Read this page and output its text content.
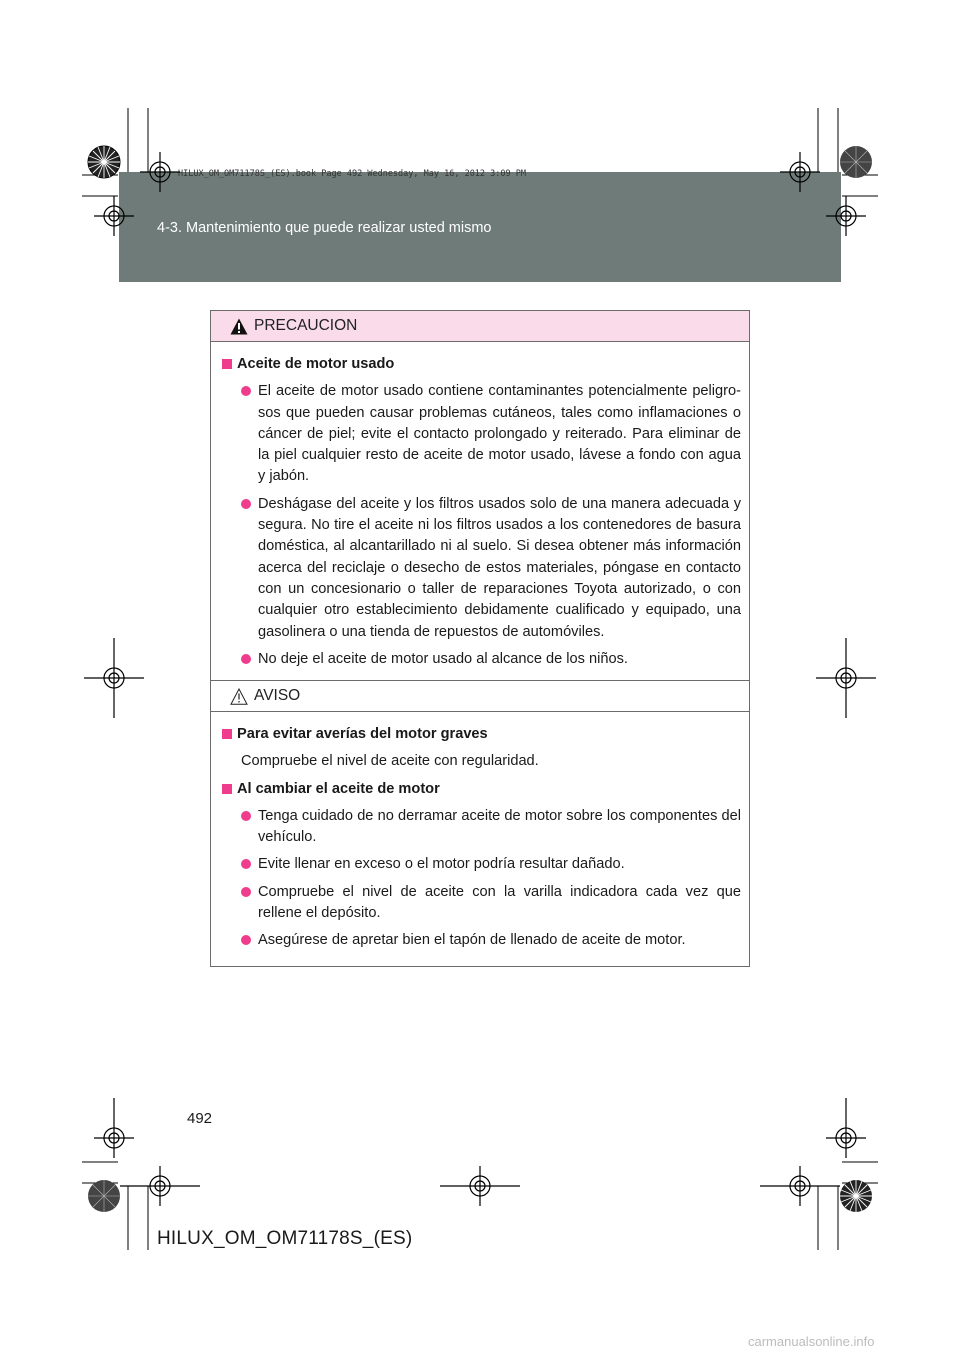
4-3. Mantenimiento que puede realizar usted mismo
HILUX_OM_OM71178S_(ES).book Page 492 Wednesday, May 16, 2012 3:09 PM
PRECAUCION
Aceite de motor usado
El aceite de motor usado contiene contaminantes potencialmente peligro-sos que pueden causar problemas cutáneos, tales como inflamaciones o cáncer de piel; evite el contacto prolongado y reiterado. Para eliminar de la piel cualquier resto de aceite de motor usado, lávese a fondo con agua y jabón.
Deshágase del aceite y los filtros usados solo de una manera adecuada y segura. No tire el aceite ni los filtros usados a los contenedores de basura doméstica, al alcantarillado ni al suelo. Si desea obtener más información acerca del reciclaje o desecho de estos materiales, póngase en contacto con un concesionario o taller de reparaciones Toyota autorizado, o con cualquier otro establecimiento debidamente cualificado y equipado, una gasolinera o una tienda de repuestos de automóviles.
No deje el aceite de motor usado al alcance de los niños.
AVISO
Para evitar averías del motor graves
Compruebe el nivel de aceite con regularidad.
Al cambiar el aceite de motor
Tenga cuidado de no derramar aceite de motor sobre los componentes del vehículo.
Evite llenar en exceso o el motor podría resultar dañado.
Compruebe el nivel de aceite con la varilla indicadora cada vez que rellene el depósito.
Asegúrese de apretar bien el tapón de llenado de aceite de motor.
492
HILUX_OM_OM71178S_(ES)
carmanualsonline.info
